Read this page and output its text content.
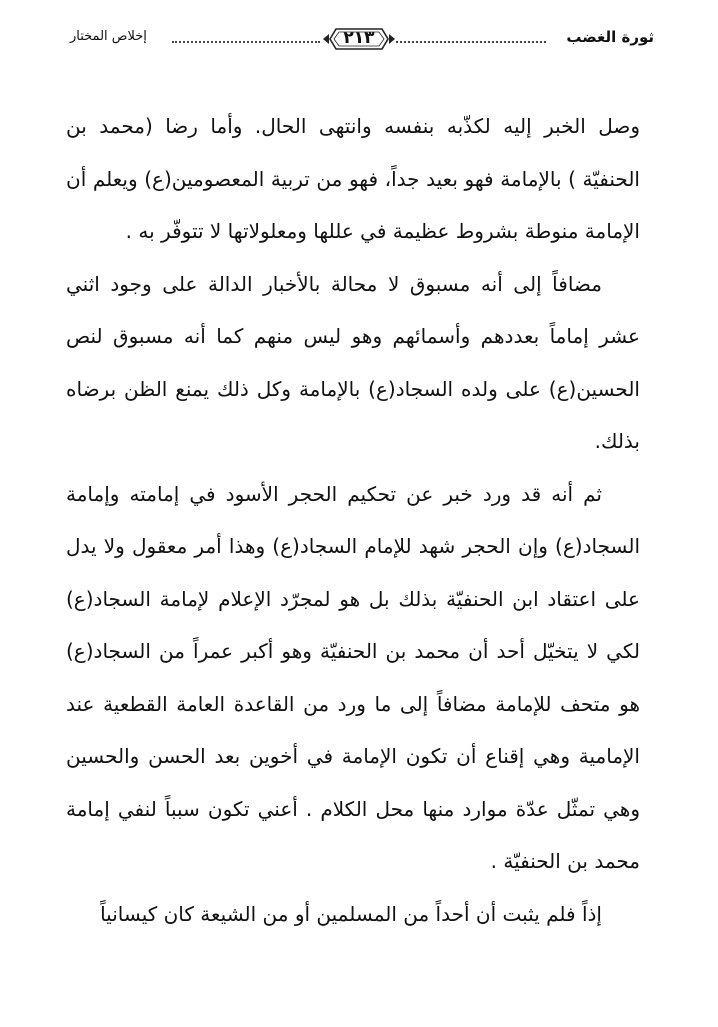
ثورة الغضب
٢١٣
إخلاص المختار

وصل الخبر إليه لكذّبه بنفسه وانتهى الحال. وأما رضا (محمد بن الحنفيّة ) بالإمامة فهو بعيد جداً، فهو من تربية المعصومين(ع) ويعلم أن الإمامة منوطة بشروط عظيمة في عللها ومعلولاتها لا تتوفّر به .

مضافاً إلى أنه مسبوق لا محالة بالأخبار الدالة على وجود اثني عشر إماماً بعددهم وأسمائهم وهو ليس منهم كما أنه مسبوق لنص الحسين(ع) على ولده السجاد(ع) بالإمامة وكل ذلك يمنع الظن برضاه بذلك.

ثم أنه قد ورد خبر عن تحكيم الحجر الأسود في إمامته وإمامة السجاد(ع) وإن الحجر شهد للإمام السجاد(ع) وهذا أمر معقول ولا يدل على اعتقاد ابن الحنفيّة بذلك بل هو لمجرّد الإعلام لإمامة السجاد(ع) لكي لا يتخيّل أحد أن محمد بن الحنفيّة وهو أكبر عمراً من السجاد(ع) هو متحف للإمامة مضافاً إلى ما ورد من القاعدة العامة القطعية عند الإمامية وهي إقناع أن تكون الإمامة في أخوين بعد الحسن والحسين وهي تمثّل عدّة موارد منها محل الكلام . أعني تكون سبباً لنفي إمامة محمد بن الحنفيّة .

إذاً فلم يثبت أن أحداً من المسلمين أو من الشيعة كان كيسانياً
